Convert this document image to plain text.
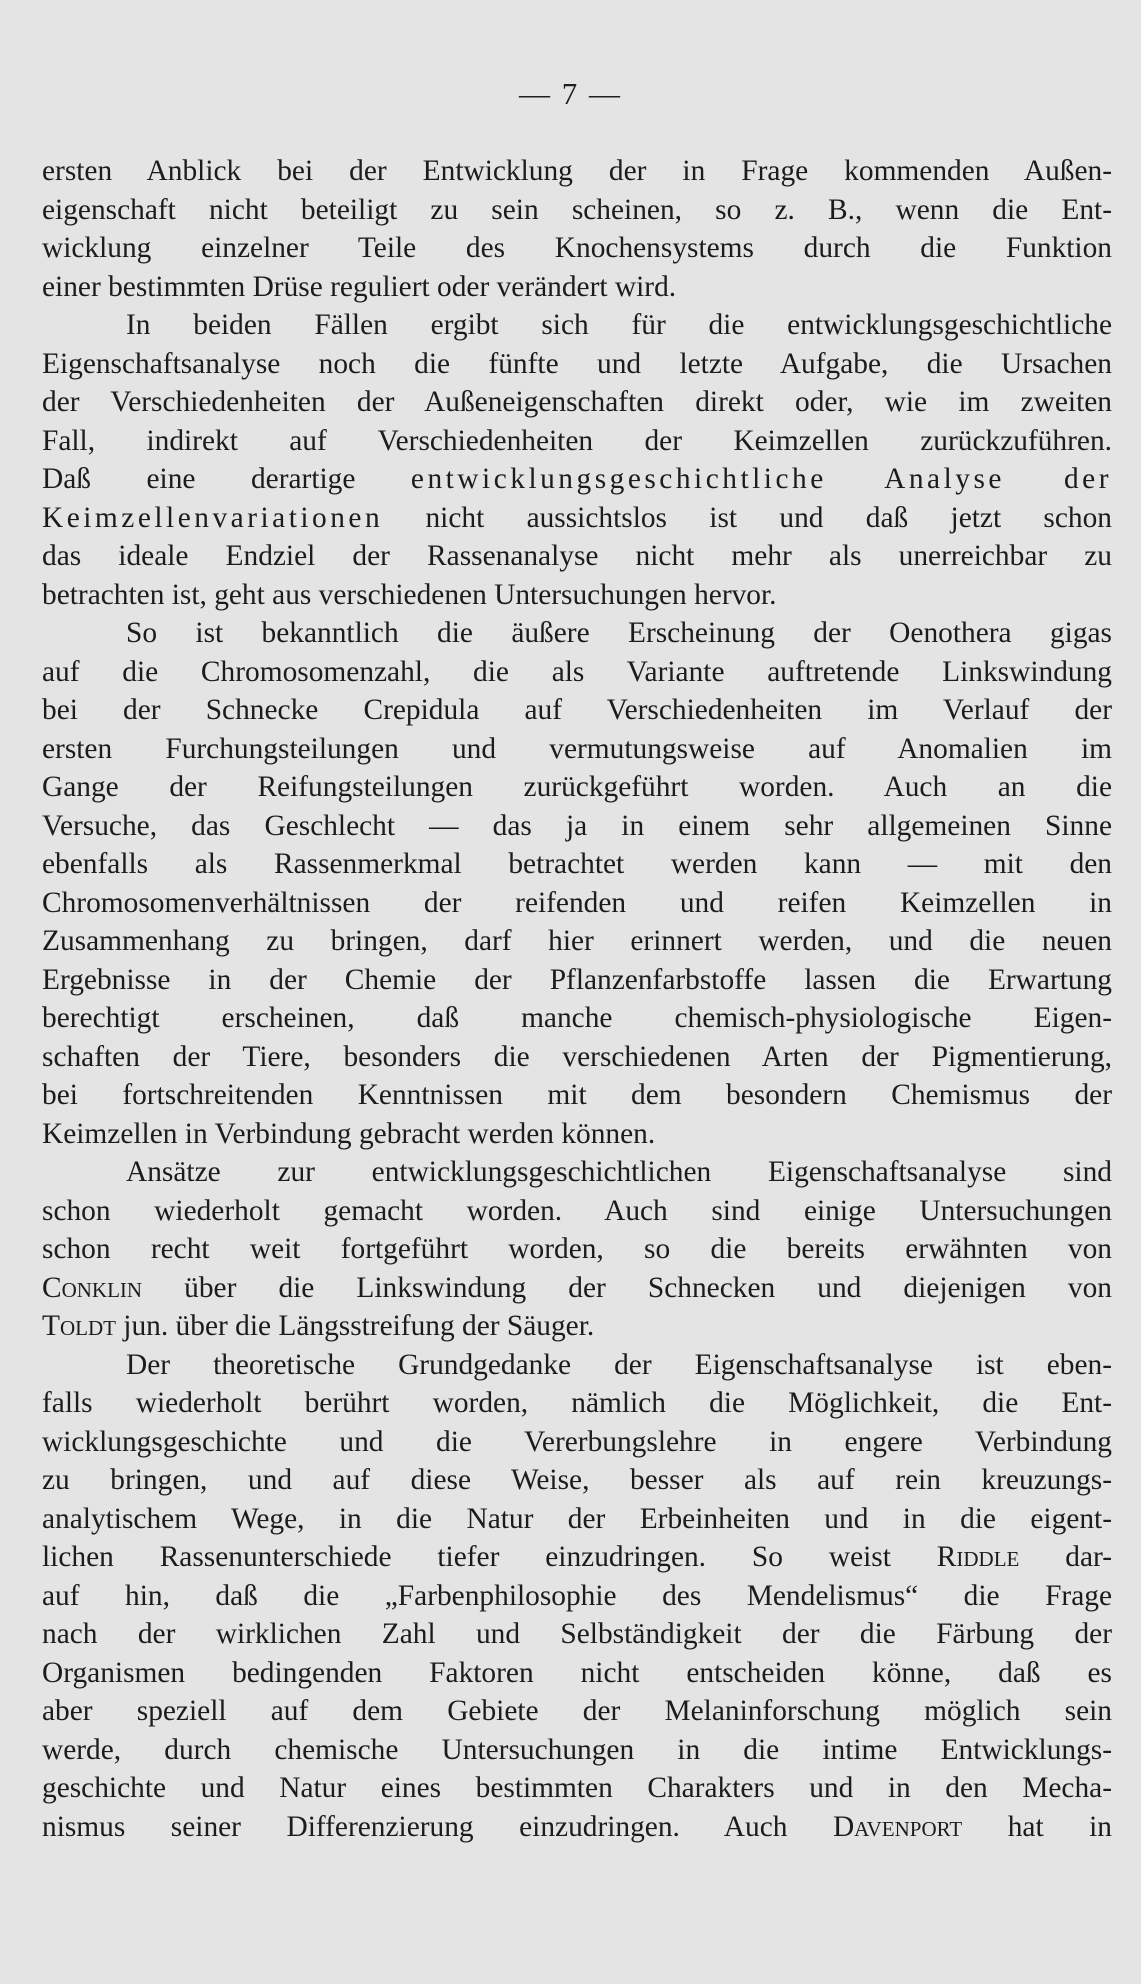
— 7 —
ersten Anblick bei der Entwicklung der in Frage kommenden Außen-
eigenschaft nicht beteiligt zu sein scheinen, so z. B., wenn die Ent-
wicklung einzelner Teile des Knochensystems durch die Funktion
einer bestimmten Drüse reguliert oder verändert wird.
In beiden Fällen ergibt sich für die entwicklungsgeschichtliche
Eigenschaftsanalyse noch die fünfte und letzte Aufgabe, die Ursachen
der Verschiedenheiten der Außeneigenschaften direkt oder, wie im zweiten
Fall, indirekt auf Verschiedenheiten der Keimzellen zurückzuführen.
Daß eine derartige entwicklungsgeschichtliche Analyse der
Keimzellenvariationen nicht aussichtslos ist und daß jetzt schon
das ideale Endziel der Rassenanalyse nicht mehr als unerreichbar zu
betrachten ist, geht aus verschiedenen Untersuchungen hervor.
So ist bekanntlich die äußere Erscheinung der Oenothera gigas
auf die Chromosomenzahl, die als Variante auftretende Linkswindung
bei der Schnecke Crepidula auf Verschiedenheiten im Verlauf der
ersten Furchungsteilungen und vermutungsweise auf Anomalien im
Gange der Reifungsteilungen zurückgeführt worden. Auch an die
Versuche, das Geschlecht — das ja in einem sehr allgemeinen Sinne
ebenfalls als Rassenmerkmal betrachtet werden kann — mit den
Chromosomenverhältnissen der reifenden und reifen Keimzellen in
Zusammenhang zu bringen, darf hier erinnert werden, und die neuen
Ergebnisse in der Chemie der Pflanzenfarbstoffe lassen die Erwartung
berechtigt erscheinen, daß manche chemisch-physiologische Eigen-
schaften der Tiere, besonders die verschiedenen Arten der Pigmentierung,
bei fortschreitenden Kenntnissen mit dem besondern Chemismus der
Keimzellen in Verbindung gebracht werden können.
Ansätze zur entwicklungsgeschichtlichen Eigenschaftsanalyse sind
schon wiederholt gemacht worden. Auch sind einige Untersuchungen
schon recht weit fortgeführt worden, so die bereits erwähnten von
Conklin über die Linkswindung der Schnecken und diejenigen von
Toldt jun. über die Längsstreifung der Säuger.
Der theoretische Grundgedanke der Eigenschaftsanalyse ist eben-
falls wiederholt berührt worden, nämlich die Möglichkeit, die Ent-
wicklungsgeschichte und die Vererbungslehre in engere Verbindung
zu bringen, und auf diese Weise, besser als auf rein kreuzungs-
analytischem Wege, in die Natur der Erbeinheiten und in die eigent-
lichen Rassenunterschiede tiefer einzudringen. So weist Riddle dar-
auf hin, daß die „Farbenphilosophie des Mendelismus“ die Frage
nach der wirklichen Zahl und Selbständigkeit der die Färbung der
Organismen bedingenden Faktoren nicht entscheiden könne, daß es
aber speziell auf dem Gebiete der Melaninforschung möglich sein
werde, durch chemische Untersuchungen in die intime Entwicklungs-
geschichte und Natur eines bestimmten Charakters und in den Mecha-
nismus seiner Differenzierung einzudringen. Auch Davenport hat in
